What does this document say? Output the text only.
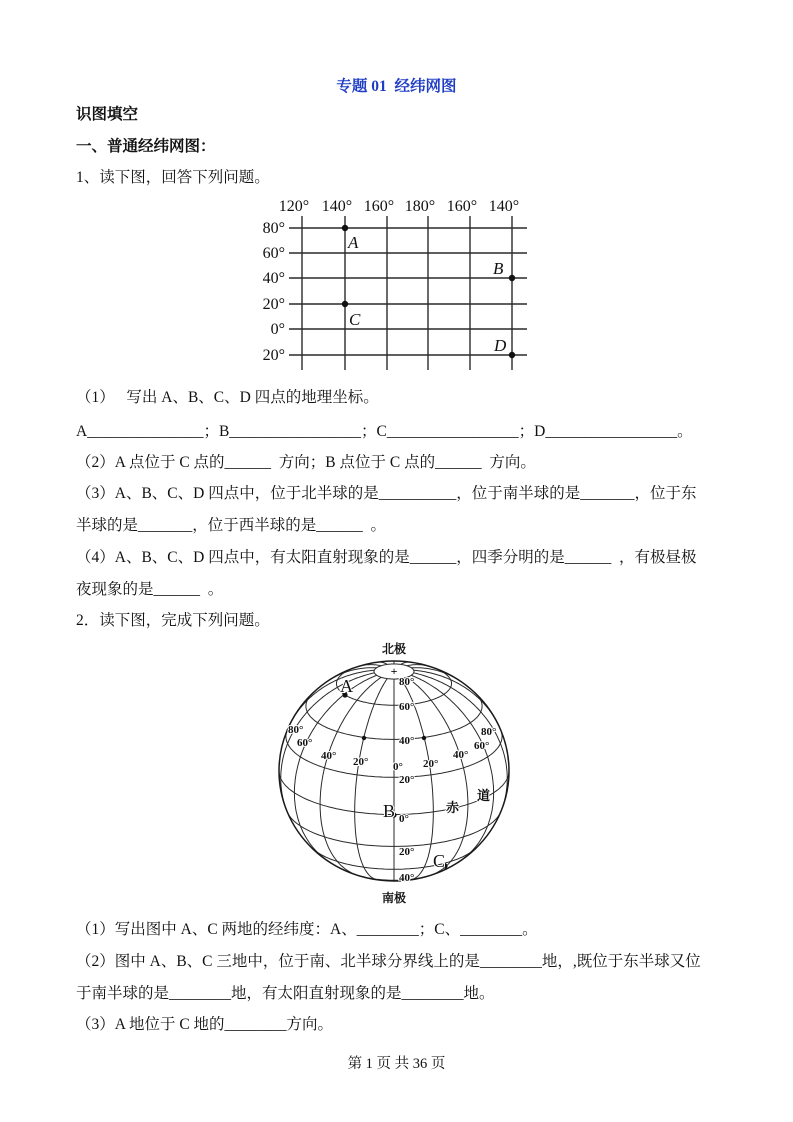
专题 01  经纬网图
识图填空
一、普通经纬网图：
1、读下图，回答下列问题。
120° 140° 160° 180° 160° 140°
80°
60°
40°
20°
0°
20°
A
B
C
D
（1）   写出 A、B、C、D 四点的地理坐标。
A_______________；B_________________；C_________________；D_________________。
（2）A 点位于 C 点的______  方向；B 点位于 C 点的______  方向。
（3）A、B、C、D 四点中，位于北半球的是__________，位于南半球的是_______，位于东
半球的是_______，位于西半球的是______  。
（4）A、B、C、D 四点中，有太阳直射现象的是______，四季分明的是______  ，有极昼极
夜现象的是______  。
2．读下图，完成下列问题。
北极
南极
+
80°
60°
40°
20°
0°
20°
40°
80°
60°
40° 20° 0° 20°
40°
60°
80°
赤
道
A
B
C
（1）写出图中 A、C 两地的经纬度：A、________；C、________。
（2）图中 A、B、C 三地中，位于南、北半球分界线上的是________地，,既位于东半球又位
于南半球的是________地，有太阳直射现象的是________地。
（3）A 地位于 C 地的________方向。
第 1 页 共 36 页
